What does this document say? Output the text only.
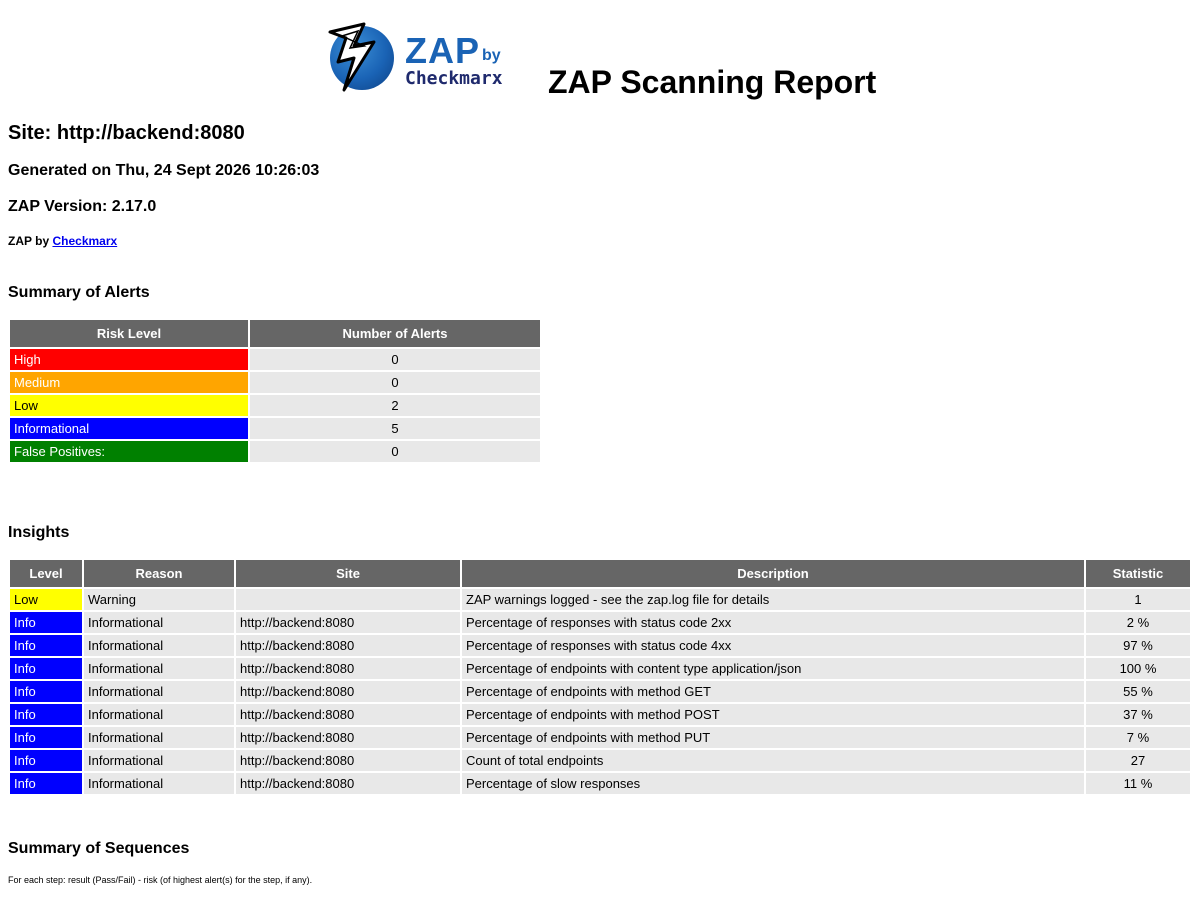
ZAP by
Checkmarx ZAP Scanning Report
Site: http://backend:8080
Generated on Thu, 24 Sept 2026 10:26:03
ZAP Version: 2.17.0
ZAP by Checkmarx
Summary of Alerts
Risk Level	Number of Alerts
High	0
Medium	0
Low	2
Informational	5
False Positives:	0
Insights
Level	Reason	Site	Description	Statistic
Low	Warning		ZAP warnings logged - see the zap.log file for details	1
Info	Informational	http://backend:8080	Percentage of responses with status code 2xx	2 %
Info	Informational	http://backend:8080	Percentage of responses with status code 4xx	97 %
Info	Informational	http://backend:8080	Percentage of endpoints with content type application/json	100 %
Info	Informational	http://backend:8080	Percentage of endpoints with method GET	55 %
Info	Informational	http://backend:8080	Percentage of endpoints with method POST	37 %
Info	Informational	http://backend:8080	Percentage of endpoints with method PUT	7 %
Info	Informational	http://backend:8080	Count of total endpoints	27
Info	Informational	http://backend:8080	Percentage of slow responses	11 %
Summary of Sequences

For each step: result (Pass/Fail) - risk (of highest alert(s) for the step, if any).
